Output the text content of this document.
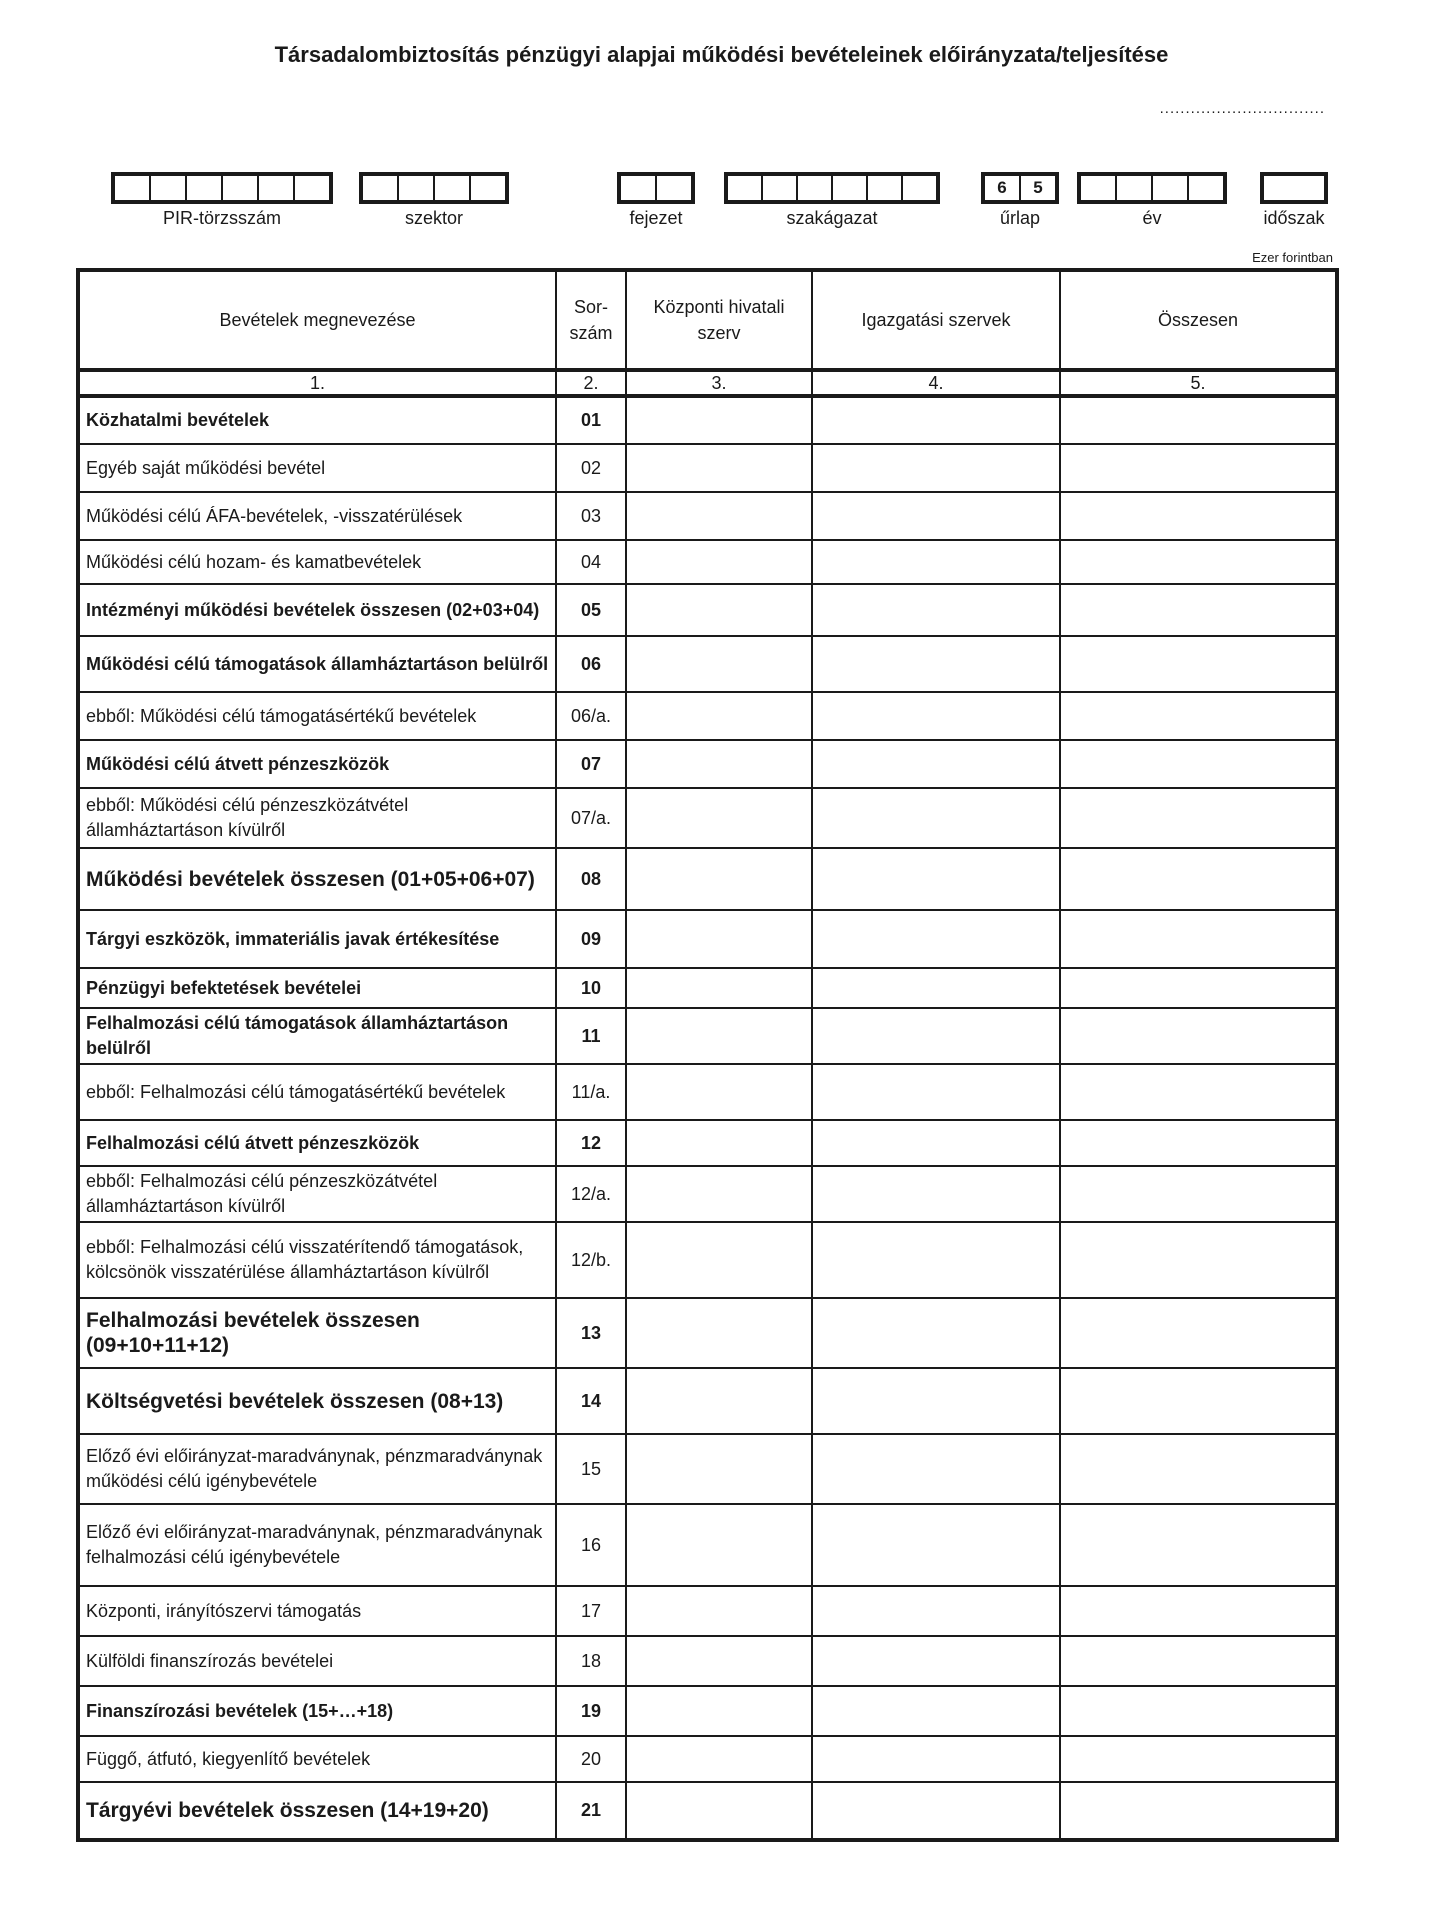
Társadalombiztosítás pénzügyi alapjai működési bevételeinek előirányzata/teljesítése
................................
PIR-törzsszám	szektor	fejezet	szakágazat
6	5
űrlap	év	időszak
Ezer forintban
Bevételek megnevezése	Sor-szám	Központi hivatali szerv	Igazgatási szervek	Összesen
1.	2.	3.	4.	5.
Közhatalmi bevételek	01			
Egyéb saját működési bevétel	02			
Működési célú ÁFA-bevételek, -visszatérülések	03			
Működési célú hozam- és kamatbevételek	04			
Intézményi működési bevételek összesen (02+03+04)	05			
Működési célú támogatások államháztartáson belülről	06			
ebből: Működési célú támogatásértékű bevételek	06/a.			
Működési célú átvett pénzeszközök	07			
ebből: Működési célú pénzeszközátvétel államháztartáson kívülről	07/a.			
Működési bevételek összesen (01+05+06+07)	08			
Tárgyi eszközök, immateriális javak értékesítése	09			
Pénzügyi befektetések bevételei	10			
Felhalmozási célú támogatások államháztartáson belülről	11			
ebből: Felhalmozási célú támogatásértékű bevételek	11/a.			
Felhalmozási célú átvett pénzeszközök	12			
ebből: Felhalmozási célú pénzeszközátvétel államháztartáson kívülről	12/a.			
ebből: Felhalmozási célú visszatérítendő támogatások, kölcsönök visszatérülése államháztartáson kívülről	12/b.			
Felhalmozási bevételek összesen (09+10+11+12)	13			
Költségvetési bevételek összesen (08+13)	14			
Előző évi előirányzat-maradványnak, pénzmaradványnak működési célú igénybevétele	15			
Előző évi előirányzat-maradványnak, pénzmaradványnak felhalmozási célú igénybevétele	16			
Központi, irányítószervi támogatás	17			
Külföldi finanszírozás bevételei	18			
Finanszírozási bevételek (15+…+18)	19			
Függő, átfutó, kiegyenlítő bevételek	20			
Tárgyévi bevételek összesen (14+19+20)	21			
